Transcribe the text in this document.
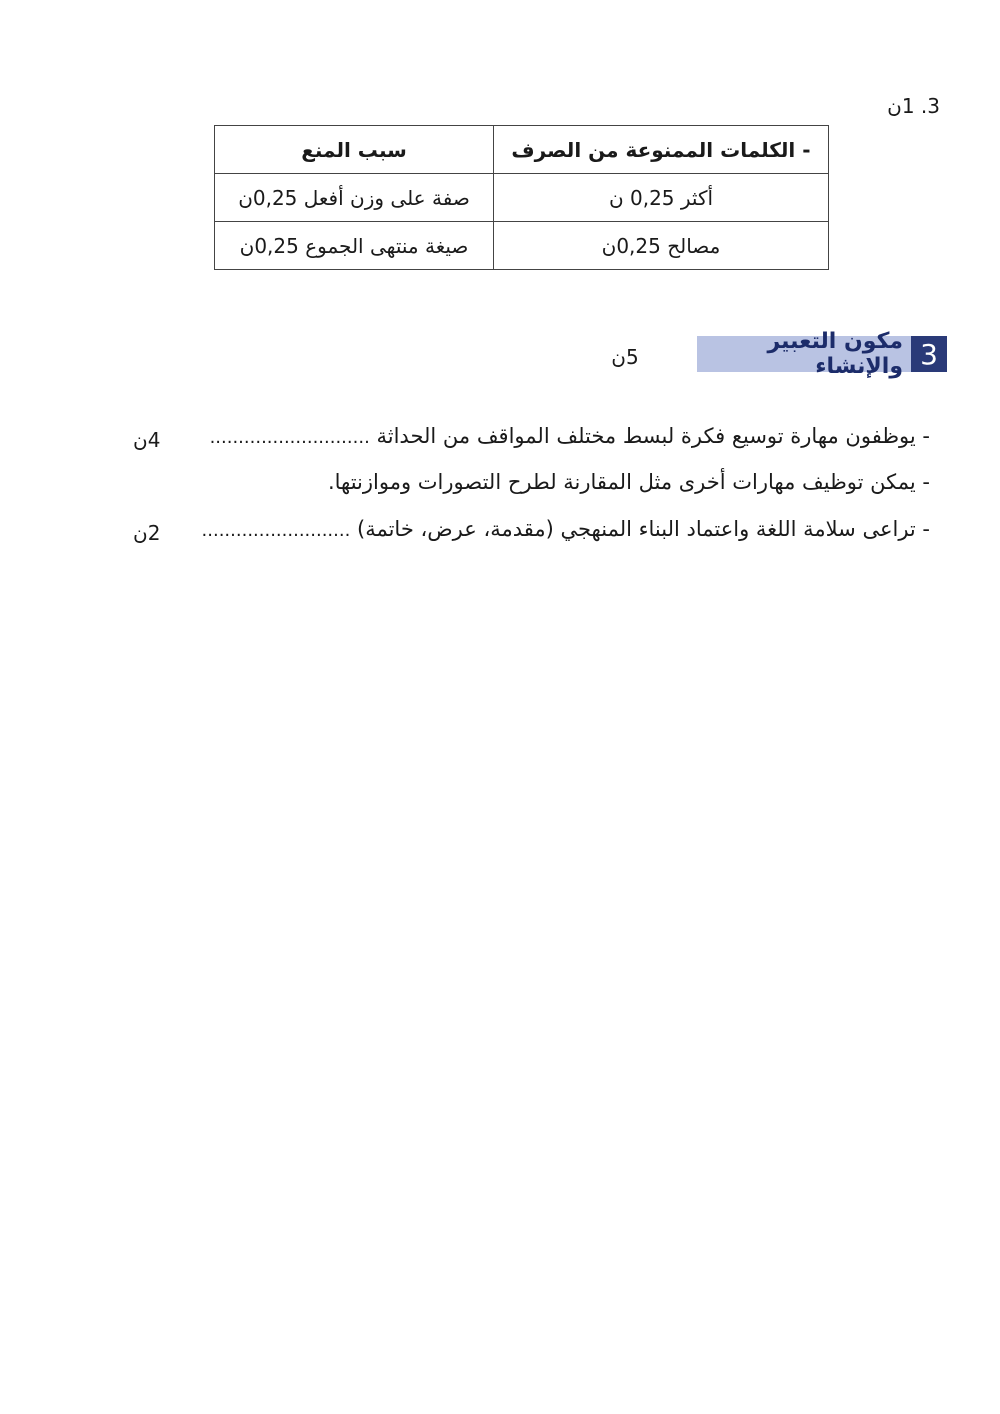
3. 1ن
- الكلمات الممنوعة من الصرف	سبب المنع
أكثر 0,25 ن	صفة على وزن أفعل 0,25ن
مصالح 0,25ن	صيغة منتهى الجموع 0,25ن
3
مكون التعبير والإنشاء
5ن
- يوظفون مهارة توسيع فكرة لبسط مختلف المواقف من الحداثة ............................
4ن
- يمكن توظيف مهارات أخرى مثل المقارنة لطرح التصورات وموازنتها.
- تراعى سلامة اللغة واعتماد البناء المنهجي (مقدمة، عرض، خاتمة) ..........................
2ن
